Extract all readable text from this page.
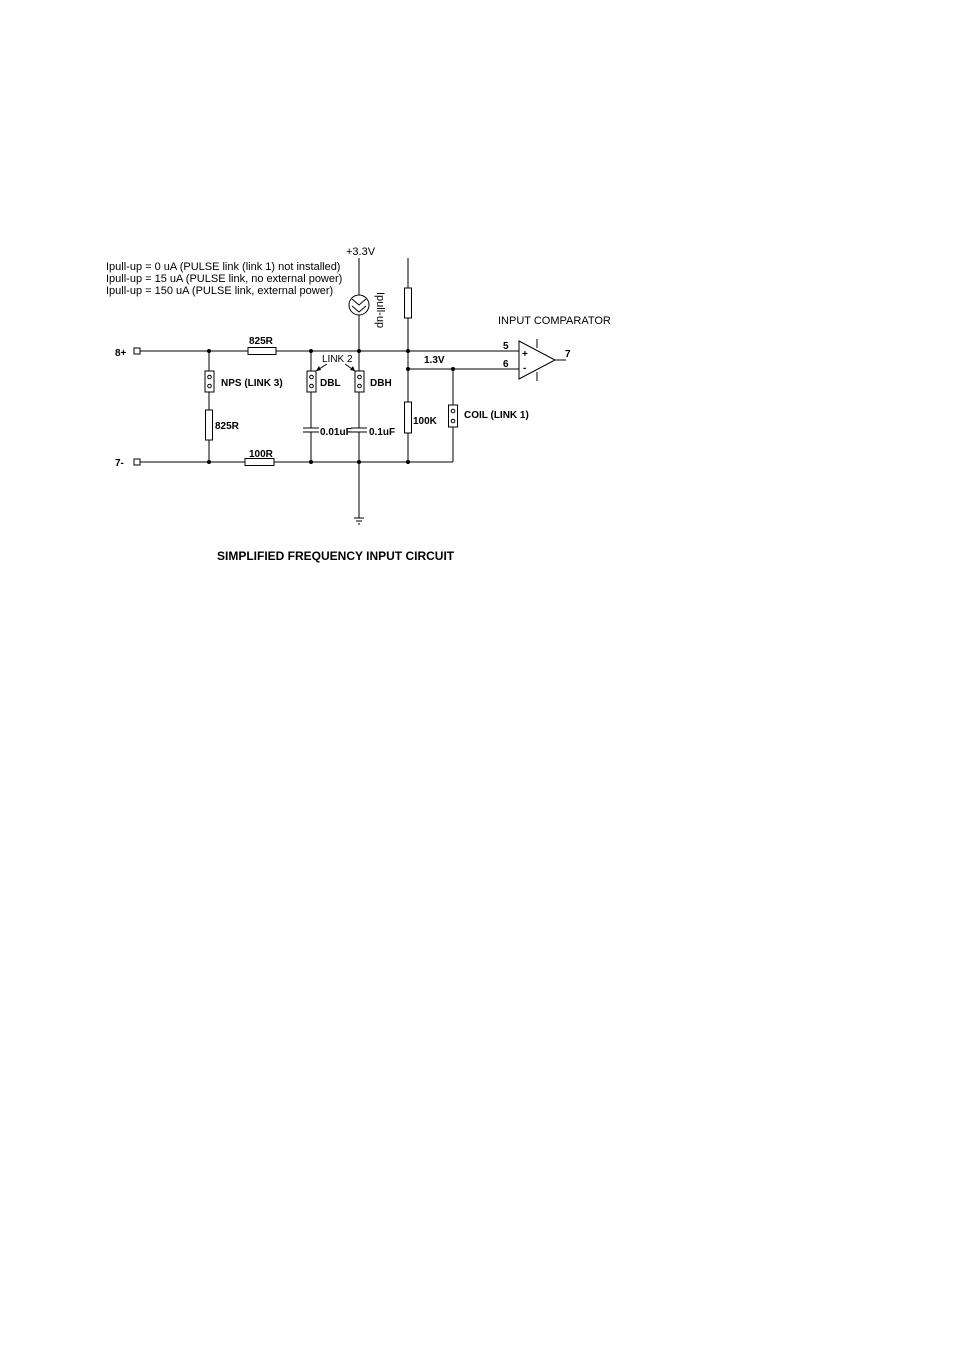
Ipull-up = 0 uA (PULSE link (link 1) not installed)
Ipull-up = 15 uA (PULSE link, no external power)
Ipull-up = 150 uA (PULSE link, external power)
+3.3V
Ipull-up
8+
825R
7-
100R
NPS (LINK 3)
825R
DBL
0.01uF
DBH
0.1uF
LINK 2
100K
1.3V
COIL (LINK 1)
INPUT COMPARATOR
+
-
5
6
7
SIMPLIFIED FREQUENCY INPUT CIRCUIT
